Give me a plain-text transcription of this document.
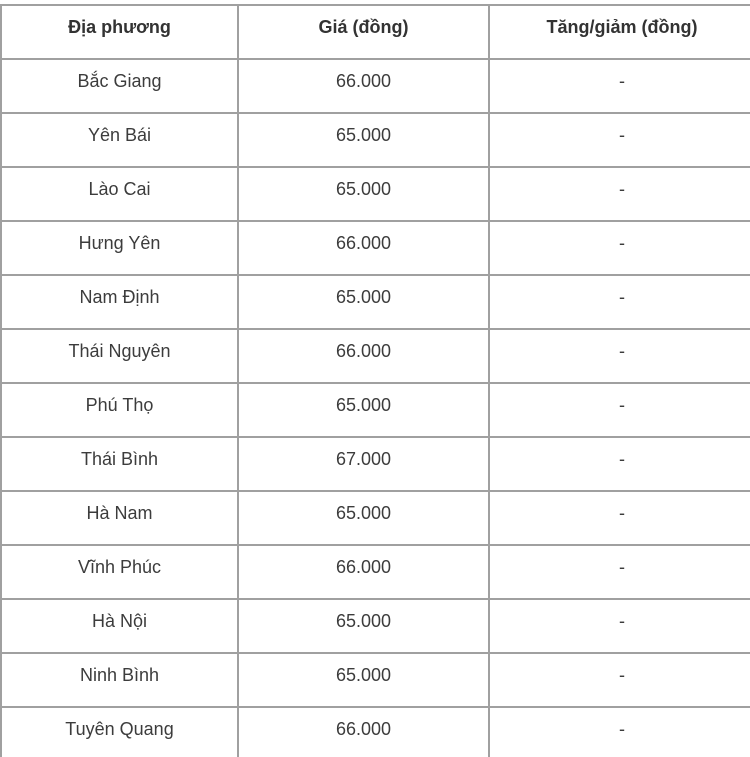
Địa phương	Giá (đồng)	Tăng/giảm (đồng)
Bắc Giang	66.000	-
Yên Bái	65.000	-
Lào Cai	65.000	-
Hưng Yên	66.000	-
Nam Định	65.000	-
Thái Nguyên	66.000	-
Phú Thọ	65.000	-
Thái Bình	67.000	-
Hà Nam	65.000	-
Vĩnh Phúc	66.000	-
Hà Nội	65.000	-
Ninh Bình	65.000	-
Tuyên Quang	66.000	-
